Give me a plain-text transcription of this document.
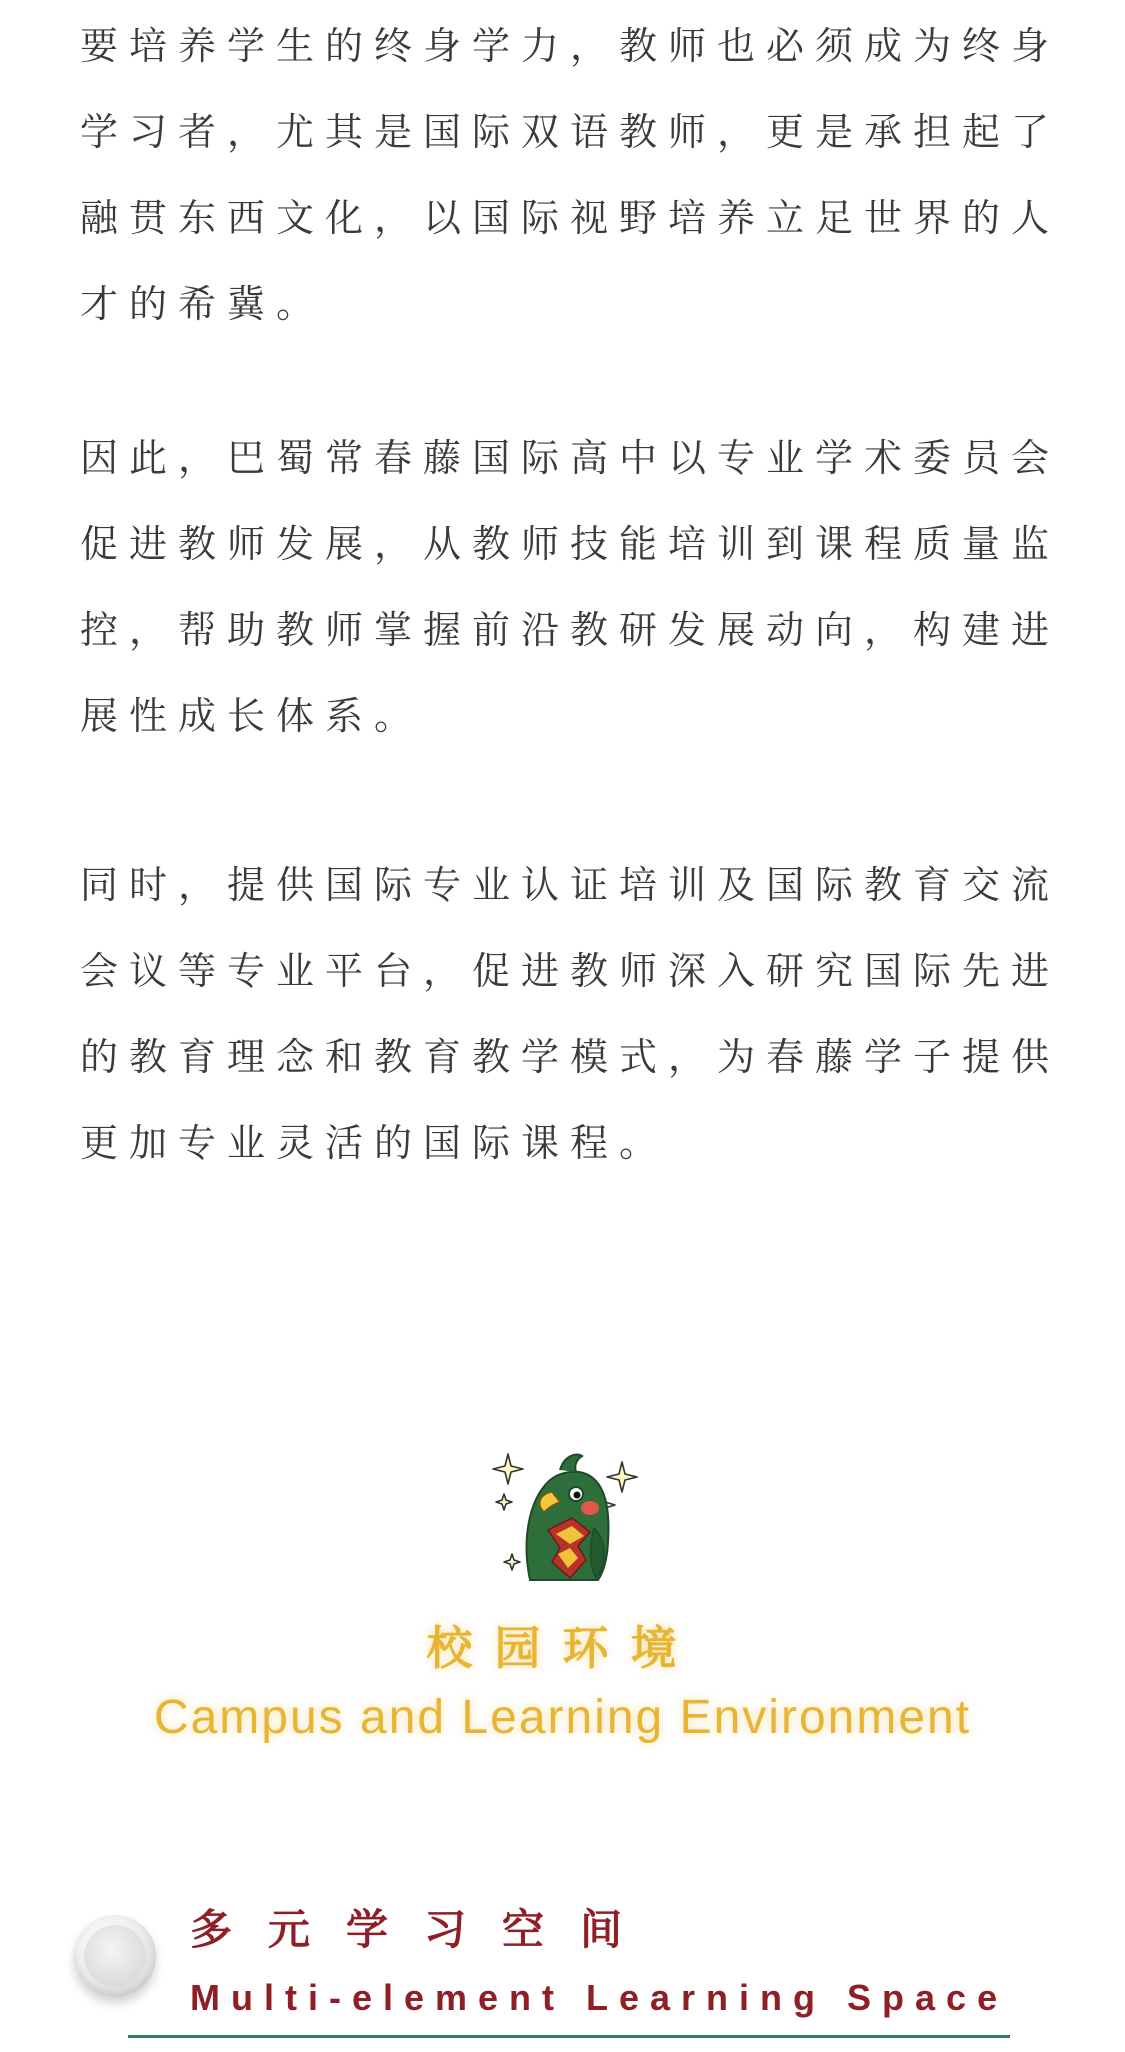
要培养学生的终身学力，教师也必须成为终身
学习者，尤其是国际双语教师，更是承担起了
融贯东西文化，以国际视野培养立足世界的人
才的希冀。

因此，巴蜀常春藤国际高中以专业学术委员会
促进教师发展，从教师技能培训到课程质量监
控，帮助教师掌握前沿教研发展动向，构建进
展性成长体系。

同时，提供国际专业认证培训及国际教育交流
会议等专业平台，促进教师深入研究国际先进
的教育理念和教育教学模式，为春藤学子提供
更加专业灵活的国际课程。

校园环境
Campus and Learning Environment
多元学习空间
Multi-element Learning Space
